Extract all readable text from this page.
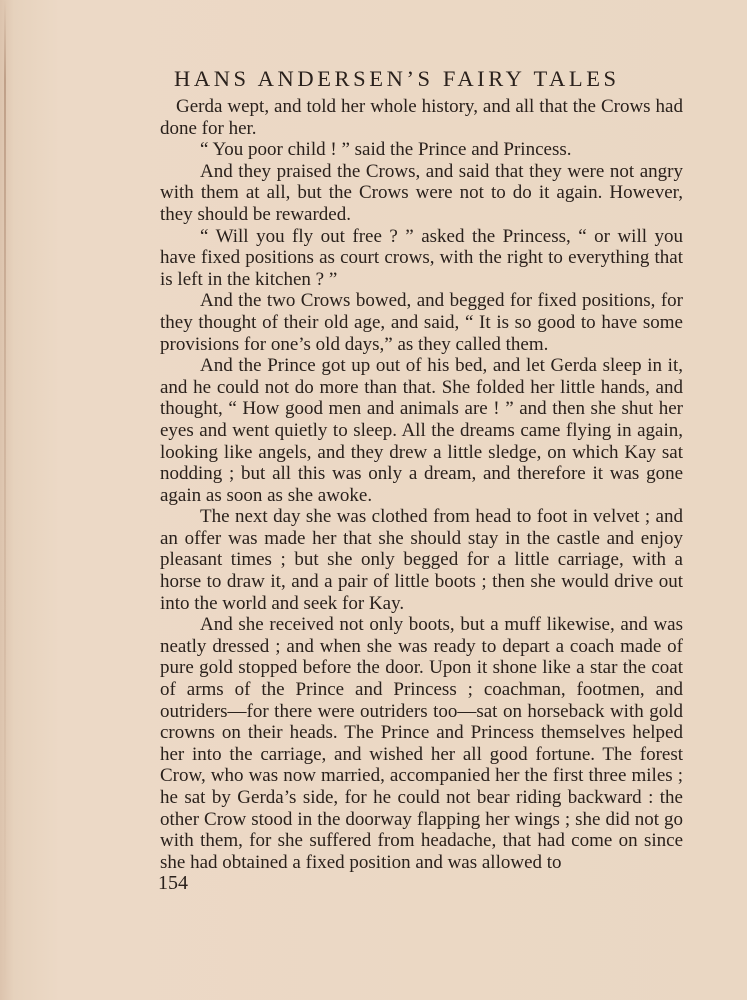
HANS ANDERSEN’S FAIRY TALES

Gerda wept, and told her whole history, and all that the Crows had done for her.

“ You poor child ! ” said the Prince and Princess.

And they praised the Crows, and said that they were not angry with them at all, but the Crows were not to do it again. However, they should be rewarded.

“ Will you fly out free ? ” asked the Princess, “ or will you have fixed positions as court crows, with the right to everything that is left in the kitchen ? ”

And the two Crows bowed, and begged for fixed positions, for they thought of their old age, and said, “ It is so good to have some provisions for one’s old days,” as they called them.

And the Prince got up out of his bed, and let Gerda sleep in it, and he could not do more than that. She folded her little hands, and thought, “ How good men and animals are ! ” and then she shut her eyes and went quietly to sleep. All the dreams came flying in again, looking like angels, and they drew a little sledge, on which Kay sat nodding ; but all this was only a dream, and therefore it was gone again as soon as she awoke.

The next day she was clothed from head to foot in velvet ; and an offer was made her that she should stay in the castle and enjoy pleasant times ; but she only begged for a little carriage, with a horse to draw it, and a pair of little boots ; then she would drive out into the world and seek for Kay.

And she received not only boots, but a muff likewise, and was neatly dressed ; and when she was ready to depart a coach made of pure gold stopped before the door. Upon it shone like a star the coat of arms of the Prince and Princess ; coachman, footmen, and outriders—for there were outriders too—sat on horseback with gold crowns on their heads. The Prince and Princess themselves helped her into the carriage, and wished her all good fortune. The forest Crow, who was now married, accompanied her the first three miles ; he sat by Gerda’s side, for he could not bear riding backward : the other Crow stood in the doorway flapping her wings ; she did not go with them, for she suffered from headache, that had come on since she had obtained a fixed position and was allowed to

154
